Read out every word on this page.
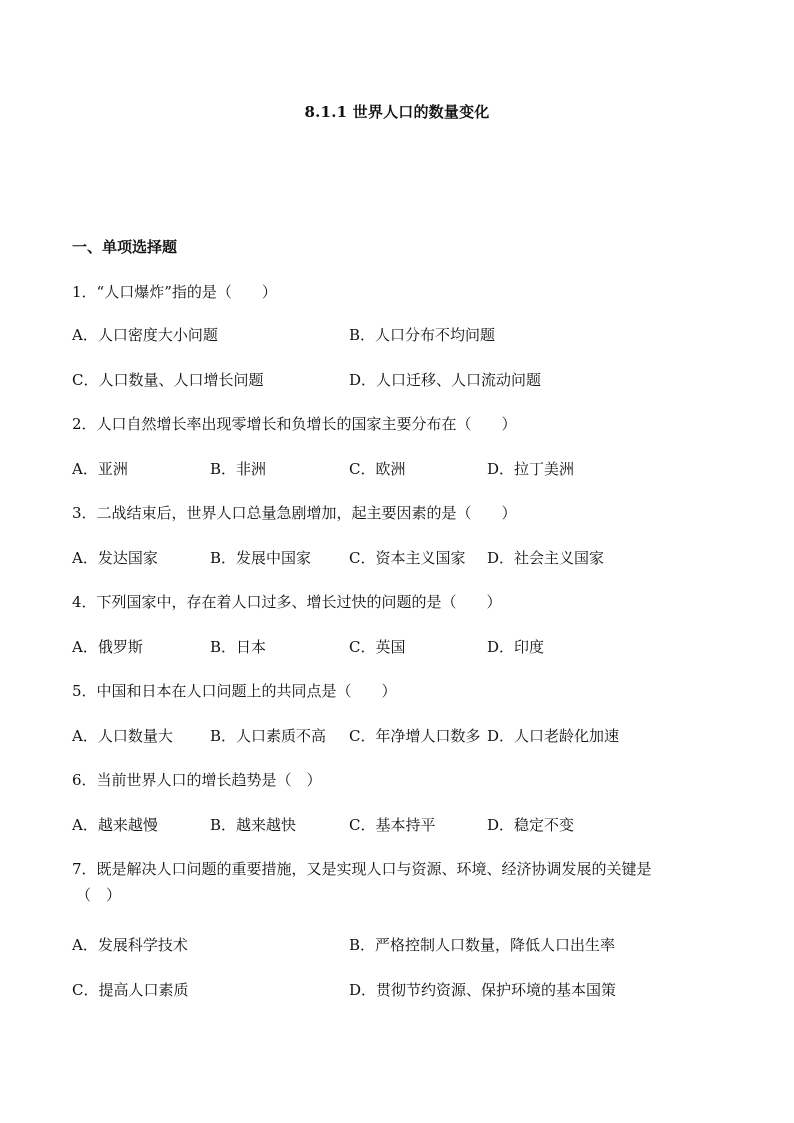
8.1.1 世界人口的数量变化
一、单项选择题
1．“人口爆炸”指的是（　　）
A．人口密度大小问题	B．人口分布不均问题
C．人口数量、人口增长问题	D．人口迁移、人口流动问题
2．人口自然增长率出现零增长和负增长的国家主要分布在（　　）
A．亚洲	B．非洲	C．欧洲	D．拉丁美洲
3．二战结束后，世界人口总量急剧增加，起主要因素的是（　　）
A．发达国家	B．发展中国家	C．资本主义国家 D．社会主义国家
4．下列国家中，存在着人口过多、增长过快的问题的是（　　）
A．俄罗斯	B．日本	C．英国	D．印度
5．中国和日本在人口问题上的共同点是（　　）
A．人口数量大 B．人口素质不高 C．年净增人口数多 D．人口老龄化加速
6．当前世界人口的增长趋势是（　）
A．越来越慢	B．越来越快	C．基本持平	D．稳定不变
7．既是解决人口问题的重要措施，又是实现人口与资源、环境、经济协调发展的关键是
（　）
A．发展科学技术	B．严格控制人口数量，降低人口出生率
C．提高人口素质	D．贯彻节约资源、保护环境的基本国策
